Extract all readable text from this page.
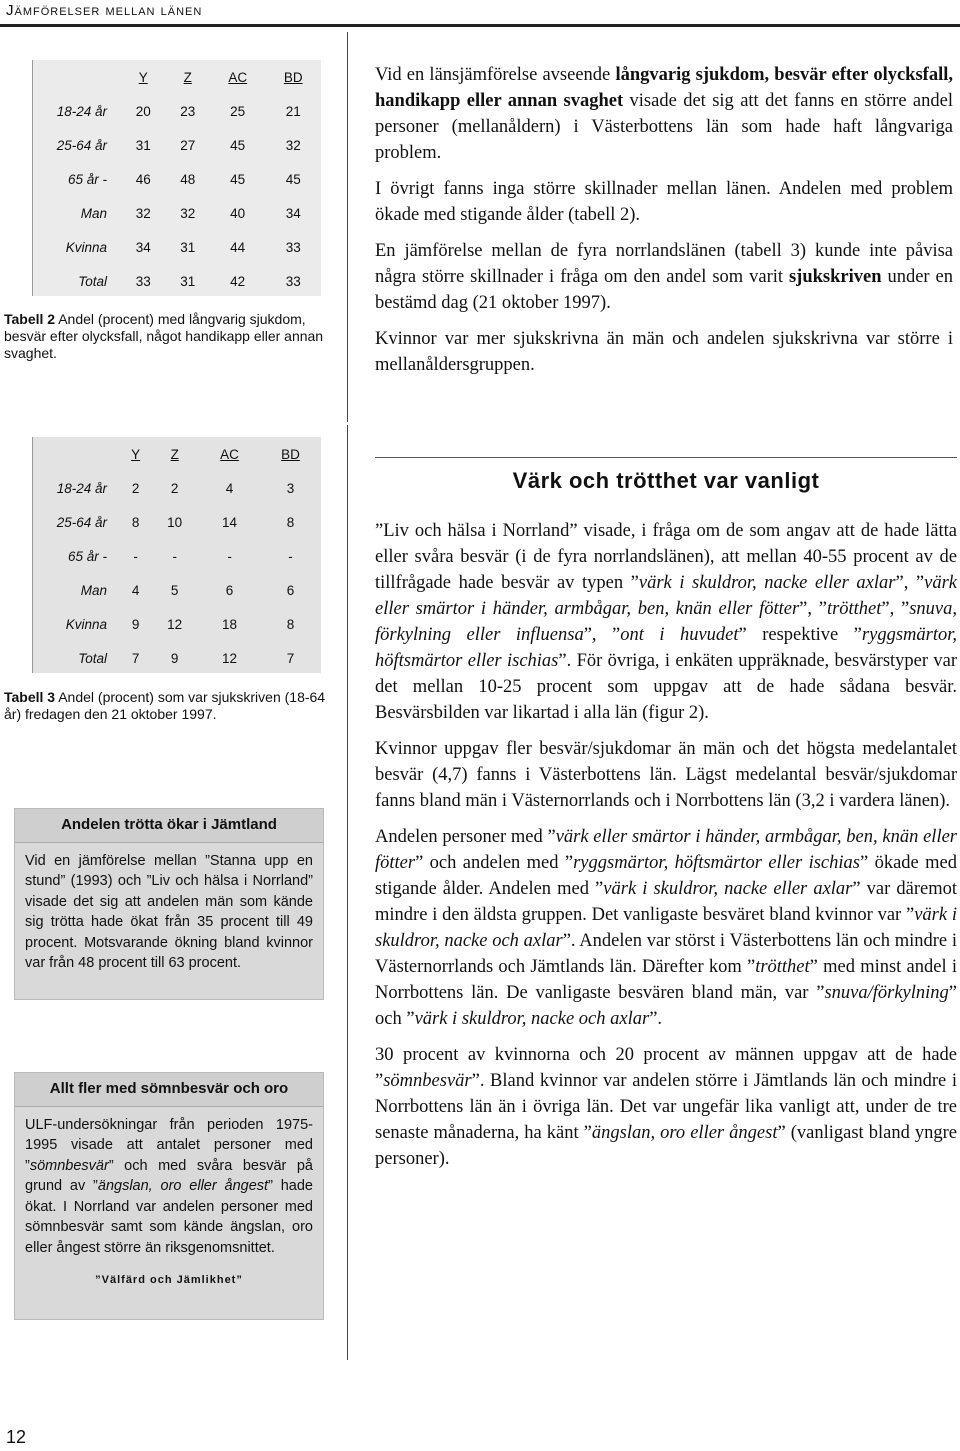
Jämförelser mellan länen
	Y	Z	AC	BD
18-24 år	20	23	25	21
25-64 år	31	27	45	32
65 år -	46	48	45	45
Man	32	32	40	34
Kvinna	34	31	44	33
Total	33	31	42	33
Tabell 2 Andel (procent) med långvarig sjukdom, besvär efter olycksfall, något handikapp eller annan svaghet.
	Y	Z	AC	BD
18-24 år	2	2	4	3
25-64 år	8	10	14	8
65 år -	-	-	-	-
Man	4	5	6	6
Kvinna	9	12	18	8
Total	7	9	12	7
Tabell 3 Andel (procent) som var sjukskriven (18-64 år) fredagen den 21 oktober 1997.

Vid en länsjämförelse avseende långvarig sjukdom, besvär efter olycksfall, handikapp eller annan svaghet visade det sig att det fanns en större andel personer (mellanåldern) i Västerbottens län som hade haft långvariga problem.

I övrigt fanns inga större skillnader mellan länen. Andelen med problem ökade med stigande ålder (tabell 2).

En jämförelse mellan de fyra norrlandslänen (tabell 3) kunde inte påvisa några större skillnader i fråga om den andel som varit sjukskriven under en bestämd dag (21 oktober 1997).

Kvinnor var mer sjukskrivna än män och andelen sjukskrivna var större i mellanåldersgruppen.

Värk och trötthet var vanligt

”Liv och hälsa i Norrland” visade, i fråga om de som angav att de hade lätta eller svåra besvär (i de fyra norrlandslänen), att mellan 40-55 procent av de tillfrågade hade besvär av typen ”värk i skuldror, nacke eller axlar”, ”värk eller smärtor i händer, armbågar, ben, knän eller fötter”, ”trötthet”, ”snuva, förkylning eller influensa”, ”ont i huvudet” respektive ”ryggsmärtor, höftsmärtor eller ischias”. För övriga, i enkäten uppräknade, besvärstyper var det mellan 10-25 procent som uppgav att de hade sådana besvär. Besvärsbilden var likartad i alla län (figur 2).

Kvinnor uppgav fler besvär/sjukdomar än män och det högsta medelantalet besvär (4,7) fanns i Västerbottens län. Lägst medelantal besvär/sjukdomar fanns bland män i Västernorrlands och i Norrbottens län (3,2 i vardera länen).

Andelen personer med ”värk eller smärtor i händer, armbågar, ben, knän eller fötter” och andelen med ”ryggsmärtor, höftsmärtor eller ischias” ökade med stigande ålder. Andelen med ”värk i skuldror, nacke eller axlar” var däremot mindre i den äldsta gruppen. Det vanligaste besväret bland kvinnor var ”värk i skuldror, nacke och axlar”. Andelen var störst i Västerbottens län och mindre i Västernorrlands och Jämtlands län. Därefter kom ”trötthet” med minst andel i Norrbottens län. De vanligaste besvären bland män, var ”snuva/förkylning” och ”värk i skuldror, nacke och axlar”.

30 procent av kvinnorna och 20 procent av männen uppgav att de hade ”sömnbesvär”. Bland kvinnor var andelen större i Jämtlands län och mindre i Norrbottens län än i övriga län. Det var ungefär lika vanligt att, under de tre senaste månaderna, ha känt ”ängslan, oro eller ångest” (vanligast bland yngre personer).

Andelen trötta ökar i Jämtland
Vid en jämförelse mellan ”Stanna upp en stund” (1993) och ”Liv och hälsa i Norrland” visade det sig att andelen män som kände sig trötta hade ökat från 35 procent till 49 procent. Motsvarande ökning bland kvinnor var från 48 procent till 63 procent.
Allt fler med sömnbesvär och oro
ULF-undersökningar från perioden 1975-1995 visade att antalet personer med ”sömnbesvär” och med svåra besvär på grund av ”ängslan, oro eller ångest” hade ökat. I Norrland var andelen personer med sömnbesvär samt som kände ängslan, oro eller ångest större än riksgenomsnittet.
”Välfärd och Jämlikhet”
12
